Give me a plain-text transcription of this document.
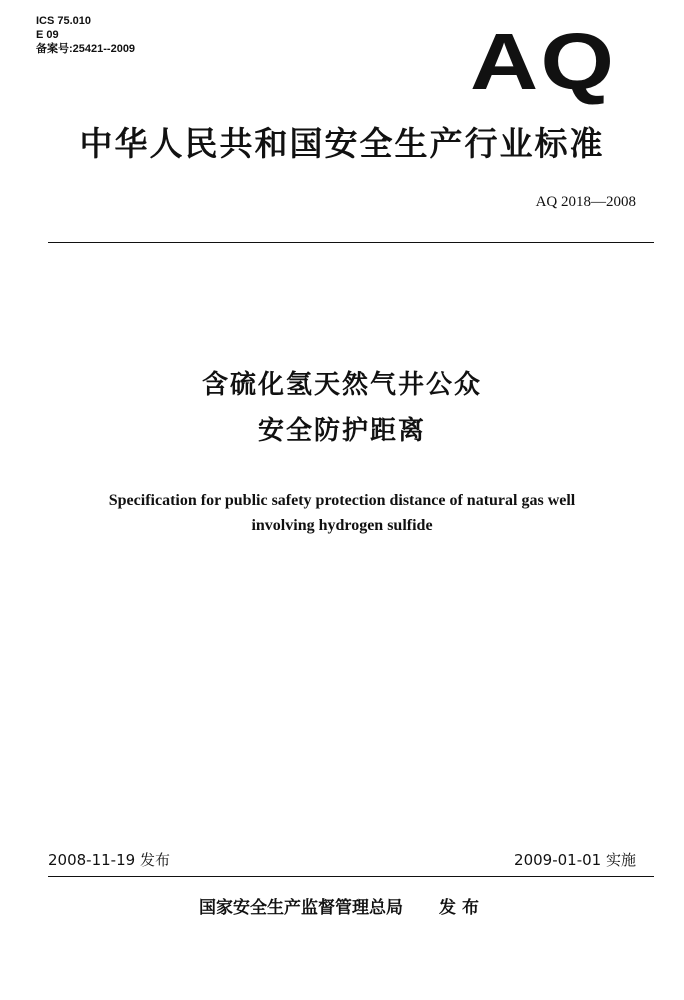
ICS 75.010
E 09
备案号:25421--2009	AQ
中华人民共和国安全生产行业标准
AQ 2018—2008
含硫化氢天然气井公众
安全防护距离
Specification for public safety protection distance of natural gas well
involving hydrogen sulfide
2008-11-19 发布	2009-01-01 实施
国家安全生产监督管理总局 发布
